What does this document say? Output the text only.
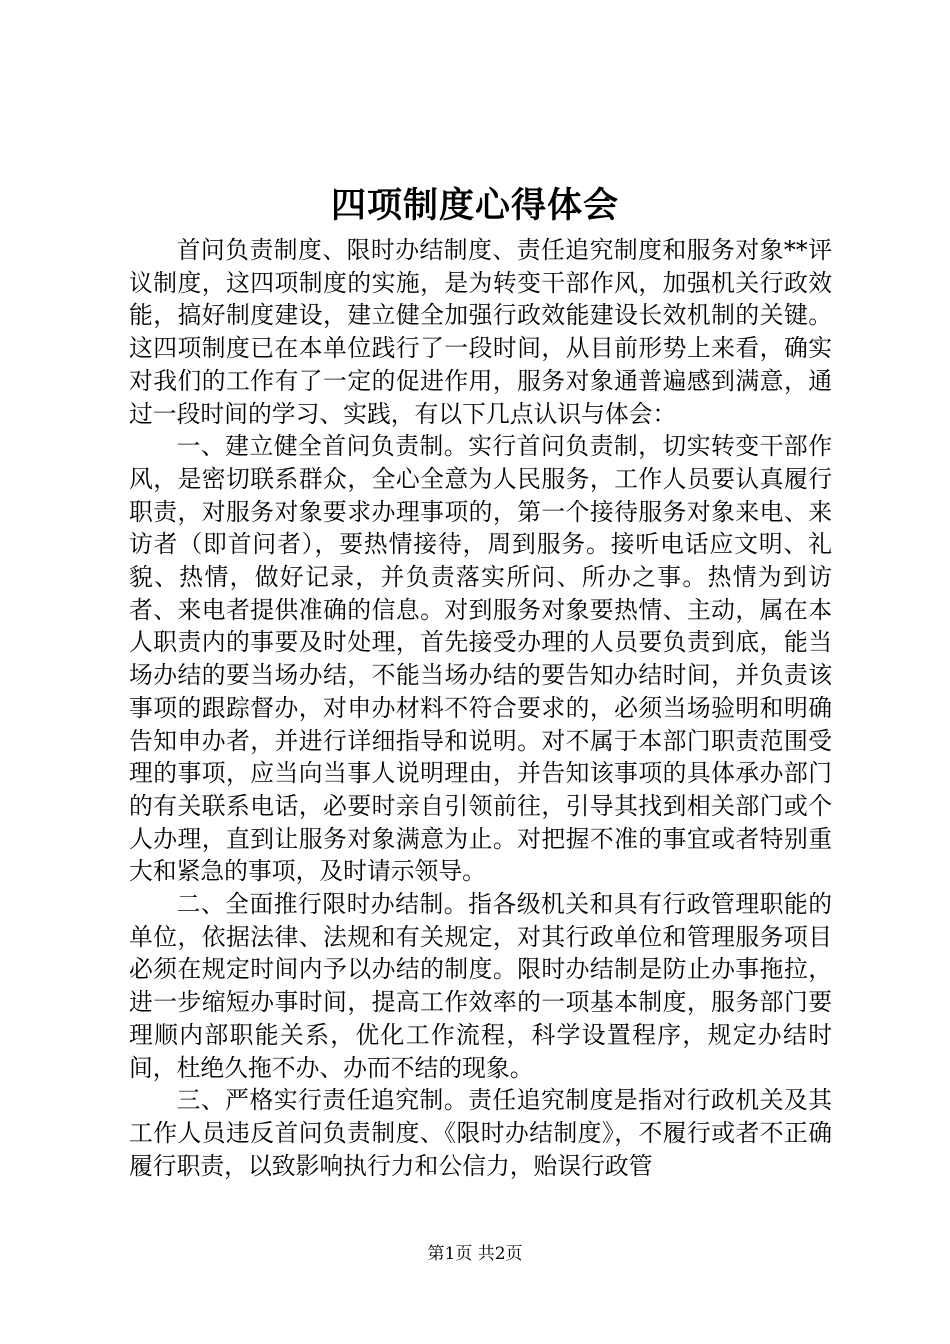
四项制度心得体会

首问负责制度、限时办结制度、责任追究制度和服务对象**评议制度，这四项制度的实施，是为转变干部作风，加强机关行政效能，搞好制度建设，建立健全加强行政效能建设长效机制的关键。这四项制度已在本单位践行了一段时间，从目前形势上来看，确实对我们的工作有了一定的促进作用，服务对象通普遍感到满意，通过一段时间的学习、实践，有以下几点认识与体会：

一、建立健全首问负责制。实行首问负责制，切实转变干部作风，是密切联系群众，全心全意为人民服务，工作人员要认真履行职责，对服务对象要求办理事项的，第一个接待服务对象来电、来访者（即首问者），要热情接待，周到服务。接听电话应文明、礼貌、热情，做好记录，并负责落实所问、所办之事。热情为到访者、来电者提供准确的信息。对到服务对象要热情、主动，属在本人职责内的事要及时处理，首先接受办理的人员要负责到底，能当场办结的要当场办结，不能当场办结的要告知办结时间，并负责该事项的跟踪督办，对申办材料不符合要求的，必须当场验明和明确告知申办者，并进行详细指导和说明。对不属于本部门职责范围受理的事项，应当向当事人说明理由，并告知该事项的具体承办部门的有关联系电话，必要时亲自引领前往，引导其找到相关部门或个人办理，直到让服务对象满意为止。对把握不准的事宜或者特别重大和紧急的事项，及时请示领导。

二、全面推行限时办结制。指各级机关和具有行政管理职能的单位，依据法律、法规和有关规定，对其行政单位和管理服务项目必须在规定时间内予以办结的制度。限时办结制是防止办事拖拉，进一步缩短办事时间，提高工作效率的一项基本制度，服务部门要理顺内部职能关系，优化工作流程，科学设置程序，规定办结时间，杜绝久拖不办、办而不结的现象。

三、严格实行责任追究制。责任追究制度是指对行政机关及其工作人员违反首问负责制度、《限时办结制度》，不履行或者不正确履行职责，以致影响执行力和公信力，贻误行政管

第1页 共2页
